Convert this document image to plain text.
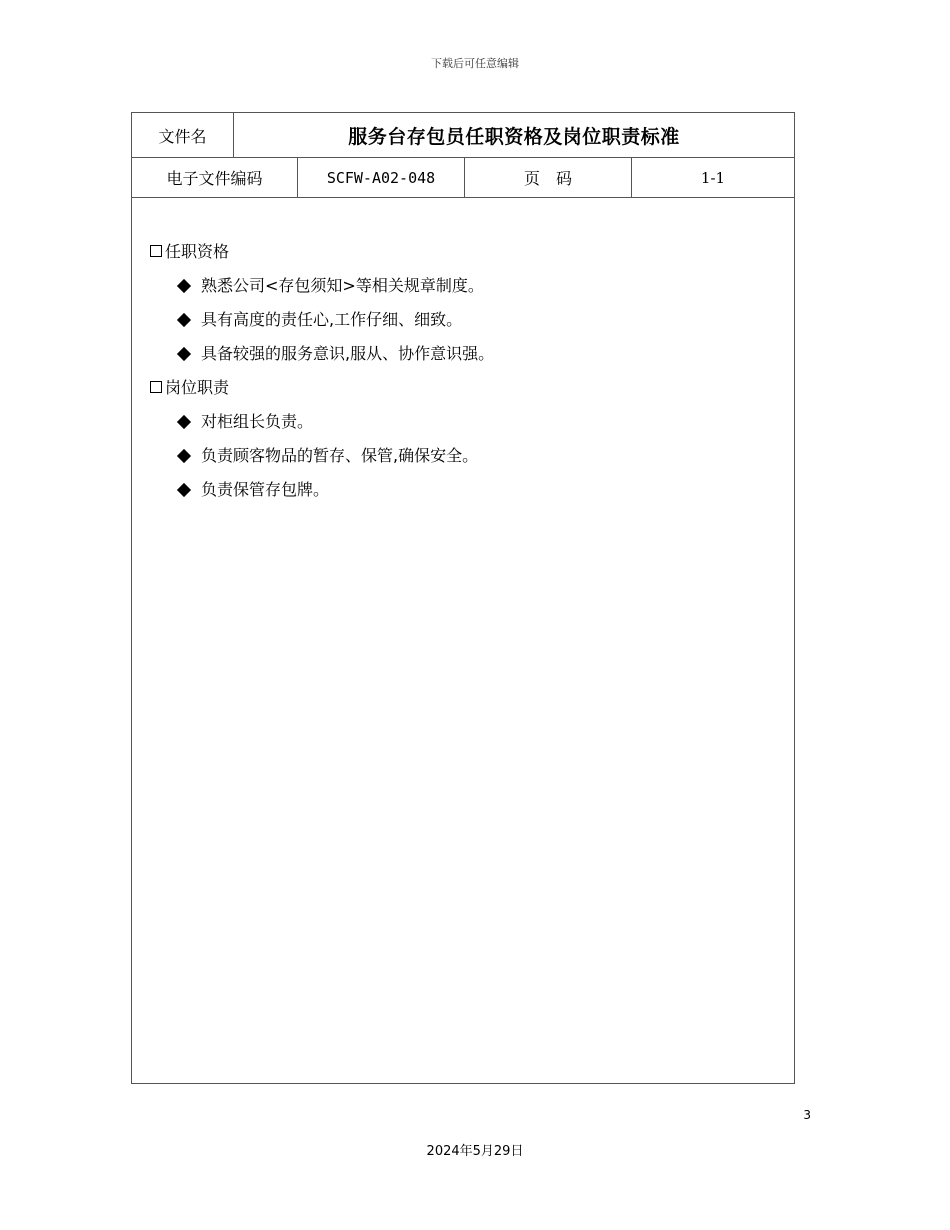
下载后可任意编辑
文件名	服务台存包员任职资格及岗位职责标准
电子文件编码	SCFW-A02-048	页码	1-1
任职资格
熟悉公司<存包须知>等相关规章制度。
具有高度的责任心,工作仔细、细致。
具备较强的服务意识,服从、协作意识强。
岗位职责
对柜组长负责。
负责顾客物品的暂存、保管,确保安全。
负责保管存包牌。
3
2024年5月29日
